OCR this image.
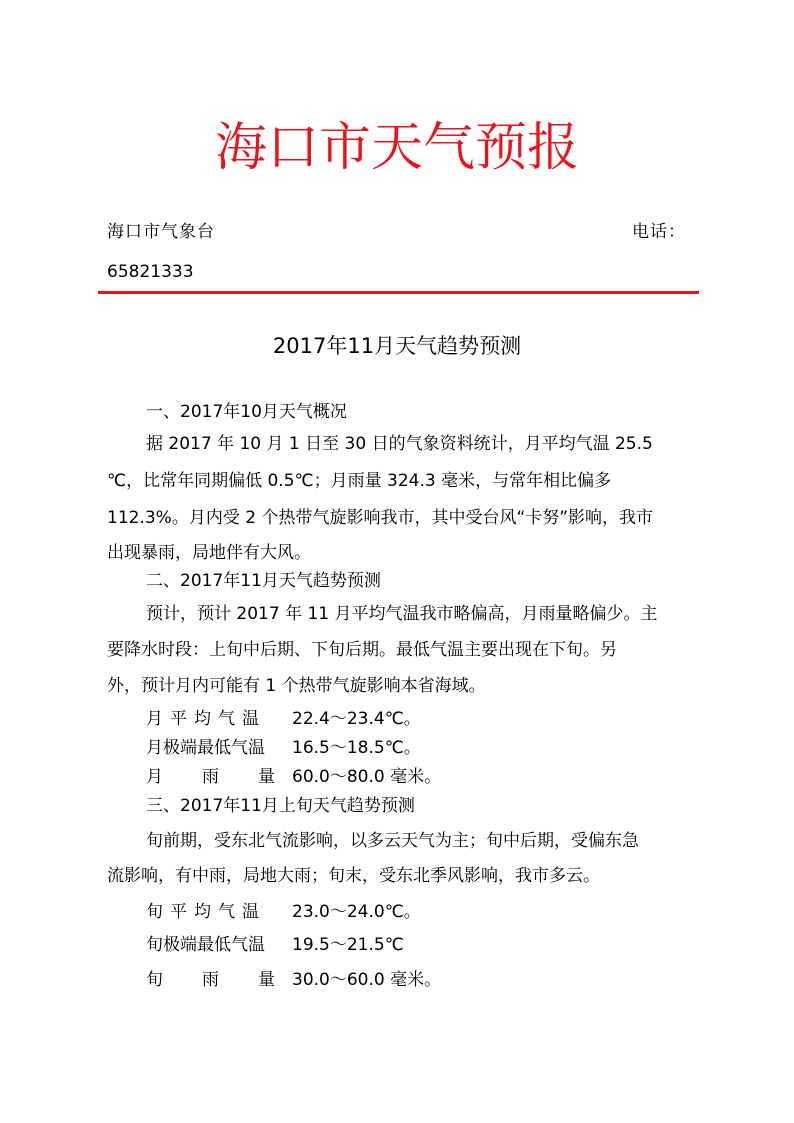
海口市天气预报
海口市气象台	电话：
65821333
2017年11月天气趋势预测
一、2017年10月天气概况
据 2017 年 10 月 1 日至 30 日的气象资料统计，月平均气温 25.5
℃，比常年同期偏低 0.5℃；月雨量 324.3 毫米，与常年相比偏多
112.3%。月内受 2 个热带气旋影响我市，其中受台风“卡努”影响，我市
出现暴雨，局地伴有大风。
二、2017年11月天气趋势预测
预计，预计 2017 年 11 月平均气温我市略偏高，月雨量略偏少。主
要降水时段：上旬中后期、下旬后期。最低气温主要出现在下旬。另
外，预计月内可能有 1 个热带气旋影响本省海域。
月平均气温 22.4～23.4℃。
月极端最低气温 16.5～18.5℃。
月雨量
60.0～80.0 毫米。
三、2017年11月上旬天气趋势预测
旬前期，受东北气流影响，以多云天气为主；旬中后期，受偏东急
流影响，有中雨，局地大雨；旬末，受东北季风影响，我市多云。
旬平均气温 23.0～24.0℃。
旬极端最低气温 19.5～21.5℃
旬雨量
30.0～60.0 毫米。
